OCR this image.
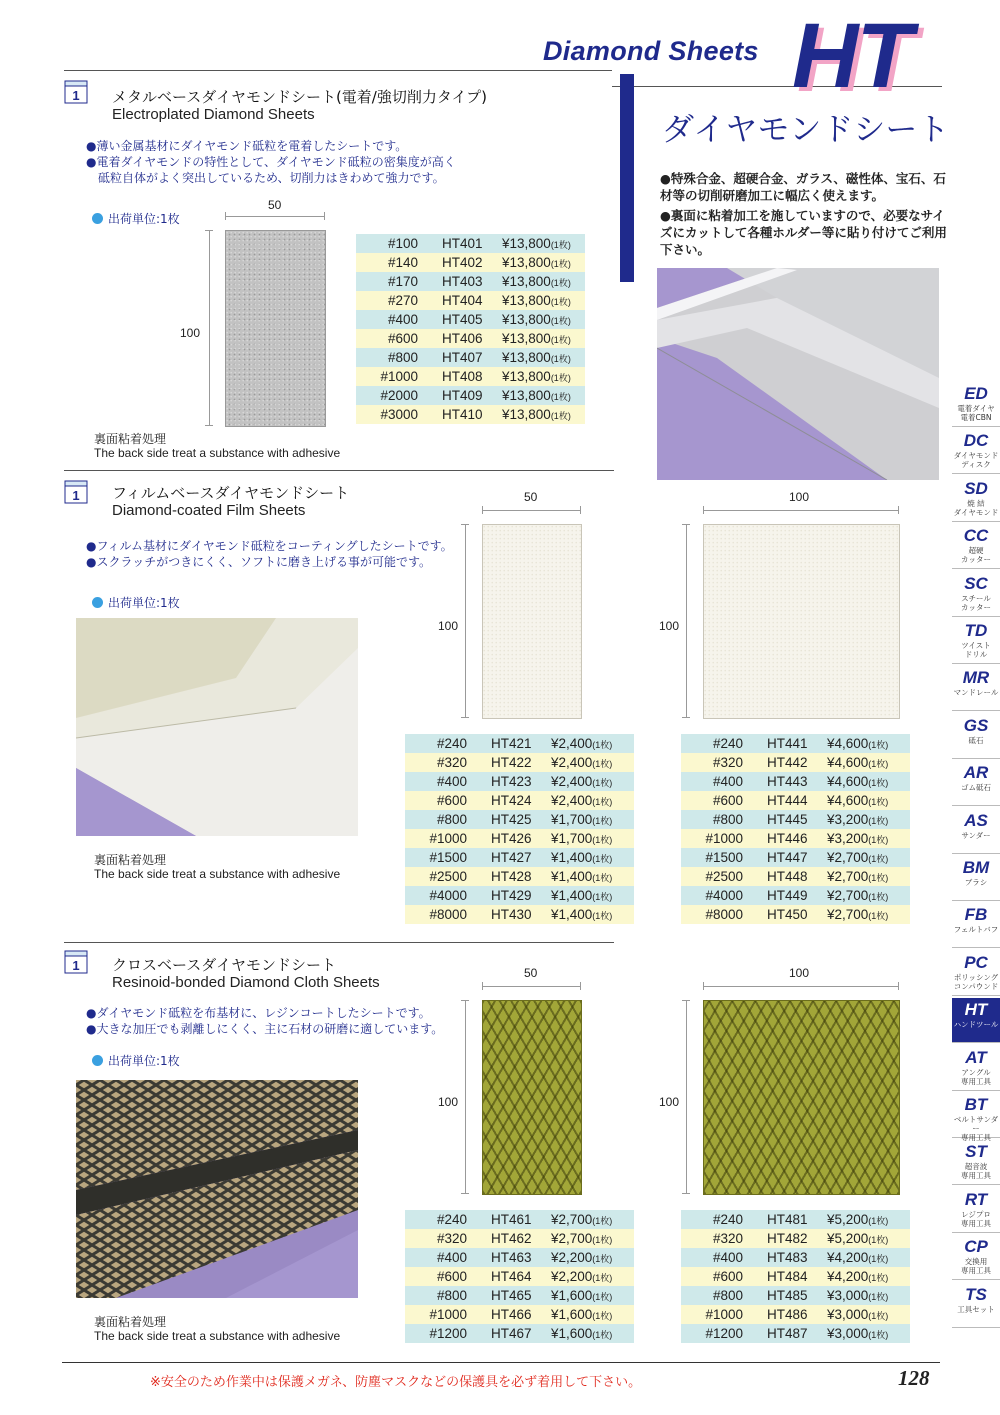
Diamond Sheets HT
ダイヤモンドシート

●特殊合金、超硬合金、ガラス、磁性体、宝石、石材等の切削研磨加工に幅広く使えます。

●裏面に粘着加工を施していますので、必要なサイズにカットして各種ホルダー等に貼り付けてご利用下さい。

1 メタルベースダイヤモンドシート(電着/強切削力タイプ)
Electroplated Diamond Sheets

●薄い金属基材にダイヤモンド砥粒を電着したシートです。

●電着ダイヤモンドの特性として、ダイヤモンド砥粒の密集度が高く

　砥粒自体がよく突出しているため、切削力はきわめて強力です。

出荷単位:1枚
50
100
#100	HT401	¥13,800(1枚)
#140	HT402	¥13,800(1枚)
#170	HT403	¥13,800(1枚)
#270	HT404	¥13,800(1枚)
#400	HT405	¥13,800(1枚)
#600	HT406	¥13,800(1枚)
#800	HT407	¥13,800(1枚)
#1000	HT408	¥13,800(1枚)
#2000	HT409	¥13,800(1枚)
#3000	HT410	¥13,800(1枚)
裏面粘着処理
The back side treat a substance with adhesive
1 フィルムベースダイヤモンドシート
Diamond-coated Film Sheets

●フィルム基材にダイヤモンド砥粒をコーティングしたシートです。

●スクラッチがつきにくく、ソフトに磨き上げる事が可能です。

出荷単位:1枚
裏面粘着処理
The back side treat a substance with adhesive
50
100
100
100
#240	HT421	¥2,400(1枚)
#320	HT422	¥2,400(1枚)
#400	HT423	¥2,400(1枚)
#600	HT424	¥2,400(1枚)
#800	HT425	¥1,700(1枚)
#1000	HT426	¥1,700(1枚)
#1500	HT427	¥1,400(1枚)
#2500	HT428	¥1,400(1枚)
#4000	HT429	¥1,400(1枚)
#8000	HT430	¥1,400(1枚)
#240	HT441	¥4,600(1枚)
#320	HT442	¥4,600(1枚)
#400	HT443	¥4,600(1枚)
#600	HT444	¥4,600(1枚)
#800	HT445	¥3,200(1枚)
#1000	HT446	¥3,200(1枚)
#1500	HT447	¥2,700(1枚)
#2500	HT448	¥2,700(1枚)
#4000	HT449	¥2,700(1枚)
#8000	HT450	¥2,700(1枚)
1 クロスベースダイヤモンドシート
Resinoid-bonded Diamond Cloth Sheets

●ダイヤモンド砥粒を布基材に、レジンコートしたシートです。

●大きな加圧でも剥離しにくく、主に石材の研磨に適しています。

出荷単位:1枚
裏面粘着処理
The back side treat a substance with adhesive
50
100
100
100
#240	HT461	¥2,700(1枚)
#320	HT462	¥2,700(1枚)
#400	HT463	¥2,200(1枚)
#600	HT464	¥2,200(1枚)
#800	HT465	¥1,600(1枚)
#1000	HT466	¥1,600(1枚)
#1200	HT467	¥1,600(1枚)
#240	HT481	¥5,200(1枚)
#320	HT482	¥5,200(1枚)
#400	HT483	¥4,200(1枚)
#600	HT484	¥4,200(1枚)
#800	HT485	¥3,000(1枚)
#1000	HT486	¥3,000(1枚)
#1200	HT487	¥3,000(1枚)
ED
電着ダイヤ
電着CBN
DC
ダイヤモンド
ディスク
SD
焼 結
ダイヤモンド
CC
超硬
カッター
SC
スチール
カッター
TD
ツイスト
ドリル
MR
マンドレール
GS
砥石
AR
ゴム砥石
AS
サンダー
BM
ブラシ
FB
フェルトバフ
PC
ポリッシング
コンパウンド
HT
ハンドツール
AT
アングル
専用工具
BT
ベルトサンダー
専用工具
ST
超音波
専用工具
RT
レジプロ
専用工具
CP
交換用
専用工具
TS
工具セット
※安全のため作業中は保護メガネ、防塵マスクなどの保護具を必ず着用して下さい。	128
